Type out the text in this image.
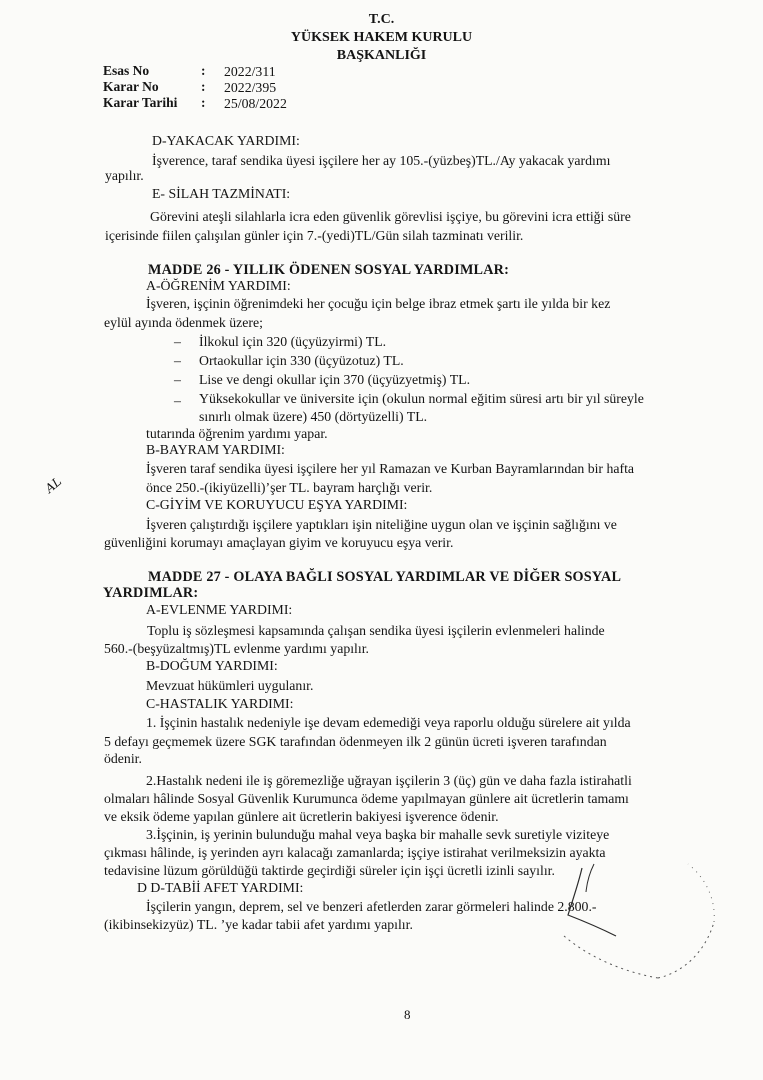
T.C.
YÜKSEK HAKEM KURULU
BAŞKANLIĞI
Esas No	: 2022/311
Karar No	: 2022/395
Karar Tarihi : 25/08/2022
D-YAKACAK YARDIMI:
İşverence, taraf sendika üyesi işçilere her ay 105.-(yüzbeş)TL./Ay yakacak yardımı
yapılır.
E- SİLAH TAZMİNATI:
Görevini ateşli silahlarla icra eden güvenlik görevlisi işçiye, bu görevini icra ettiği süre
içerisinde fiilen çalışılan günler için 7.-(yedi)TL/Gün silah tazminatı verilir.
MADDE 26 - YILLIK ÖDENEN SOSYAL YARDIMLAR:
A-ÖĞRENİM YARDIMI:
İşveren, işçinin öğrenimdeki her çocuğu için belge ibraz etmek şartı ile yılda bir kez
eylül ayında ödenmek üzere;
– İlkokul için 320 (üçyüzyirmi) TL.
– Ortaokullar için 330 (üçyüzotuz) TL.
– Lise ve dengi okullar için 370 (üçyüzyetmiş) TL.
– Yüksekokullar ve üniversite için (okulun normal eğitim süresi artı bir yıl süreyle
sınırlı olmak üzere) 450 (dörtyüzelli) TL.
tutarında öğrenim yardımı yapar.
B-BAYRAM YARDIMI:
İşveren taraf sendika üyesi işçilere her yıl Ramazan ve Kurban Bayramlarından bir hafta
önce 250.-(ikiyüzelli)’şer TL. bayram harçlığı verir.
C-GİYİM VE KORUYUCU EŞYA YARDIMI:
İşveren çalıştırdığı işçilere yaptıkları işin niteliğine uygun olan ve işçinin sağlığını ve
güvenliğini korumayı amaçlayan giyim ve koruyucu eşya verir.
MADDE 27 - OLAYA BAĞLI SOSYAL YARDIMLAR VE DİĞER SOSYAL
YARDIMLAR:
A-EVLENME YARDIMI:
Toplu iş sözleşmesi kapsamında çalışan sendika üyesi işçilerin evlenmeleri halinde
560.-(beşyüzaltmış)TL evlenme yardımı yapılır.
B-DOĞUM YARDIMI:
Mevzuat hükümleri uygulanır.
C-HASTALIK YARDIMI:
1. İşçinin hastalık nedeniyle işe devam edemediği veya raporlu olduğu sürelere ait yılda
5 defayı geçmemek üzere SGK tarafından ödenmeyen ilk 2 günün ücreti işveren tarafından
ödenir.
2.Hastalık nedeni ile iş göremezliğe uğrayan işçilerin 3 (üç) gün ve daha fazla istirahatli
olmaları hâlinde Sosyal Güvenlik Kurumunca ödeme yapılmayan günlere ait ücretlerin tamamı
ve eksik ödeme yapılan günlere ait ücretlerin bakiyesi işverence ödenir.
3.İşçinin, iş yerinin bulunduğu mahal veya başka bir mahalle sevk suretiyle viziteye
çıkması hâlinde, iş yerinden ayrı kalacağı zamanlarda; işçiye istirahat verilmeksizin ayakta
tedavisine lüzum görüldüğü taktirde geçirdiği süreler için işçi ücretli izinli sayılır.
D D-TABİİ AFET YARDIMI:
İşçilerin yangın, deprem, sel ve benzeri afetlerden zarar görmeleri halinde 2.800.-
(ikibinsekizyüz) TL. ’ye kadar tabii afet yardımı yapılır.
AL
8
